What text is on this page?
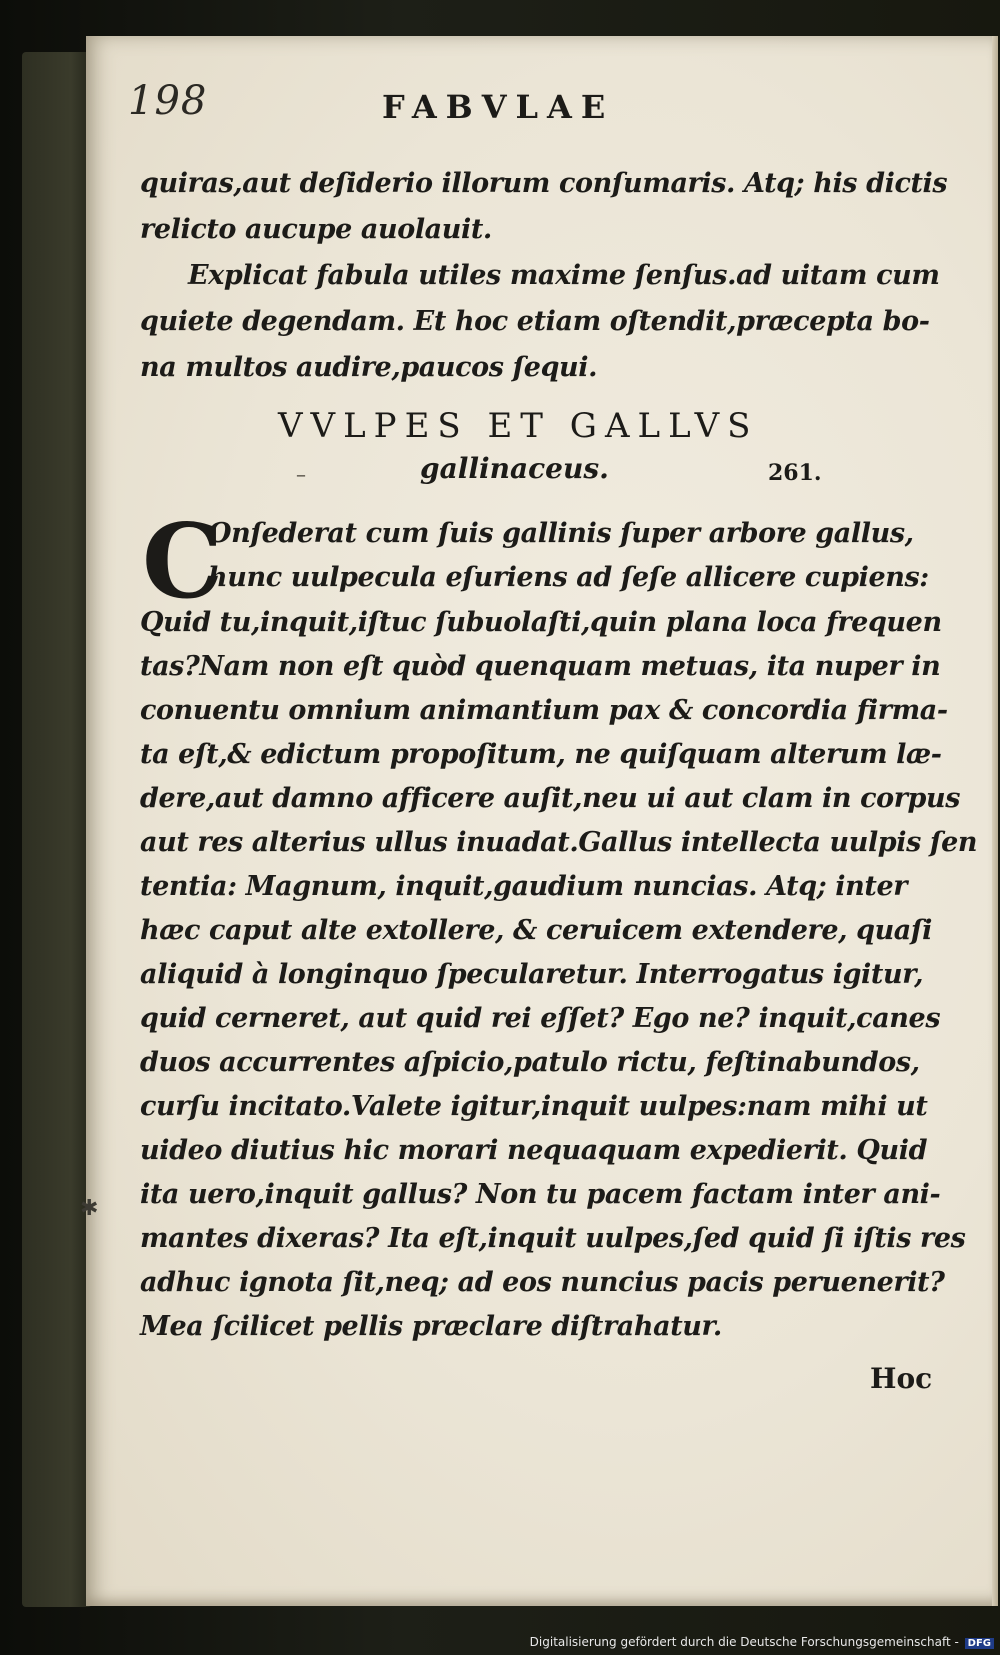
198	FABVLAE
quiras,aut deſiderio illorum conſumaris. Atq; his dictis
relicto aucupe auolauit.
Explicat fabula utiles maxime ſenſus.ad uitam cum
quiete degendam. Et hoc etiam oſtendit,præcepta bo-
na multos audire,paucos ſequi.
VVLPES ET GALLVS
–	gallinaceus.	261.
C
Onſederat cum ſuis gallinis ſuper arbore gallus,
hunc uulpecula eſuriens ad ſeſe allicere cupiens:
Quid tu,inquit,iſtuc ſubuolaſti,quin plana loca frequen
tas?Nam non eſt quòd quenquam metuas, ita nuper in
conuentu omnium animantium pax & concordia firma-
ta eſt,& edictum propoſitum, ne quiſquam alterum læ-
dere,aut damno afficere auſit,neu ui aut clam in corpus
aut res alterius ullus inuadat.Gallus intellecta uulpis ſen
tentia: Magnum, inquit,gaudium nuncias. Atq; inter
hæc caput alte extollere, & ceruicem extendere, quaſi
aliquid à longinquo ſpecularetur. Interrogatus igitur,
quid cerneret, aut quid rei eſſet? Ego ne? inquit,canes
duos accurrentes aſpicio,patulo rictu, feſtinabundos,
curſu incitato.Valete igitur,inquit uulpes:nam mihi ut
uideo diutius hic morari nequaquam expedierit. Quid
ita uero,inquit gallus? Non tu pacem factam inter ani-
mantes dixeras? Ita eſt,inquit uulpes,ſed quid ſi iſtis res
adhuc ignota ſit,neq; ad eos nuncius pacis peruenerit?
Mea ſcilicet pellis præclare diſtrahatur.
✱
Hoc
Digitalisierung gefördert durch die Deutsche Forschungsgemeinschaft - DFG
